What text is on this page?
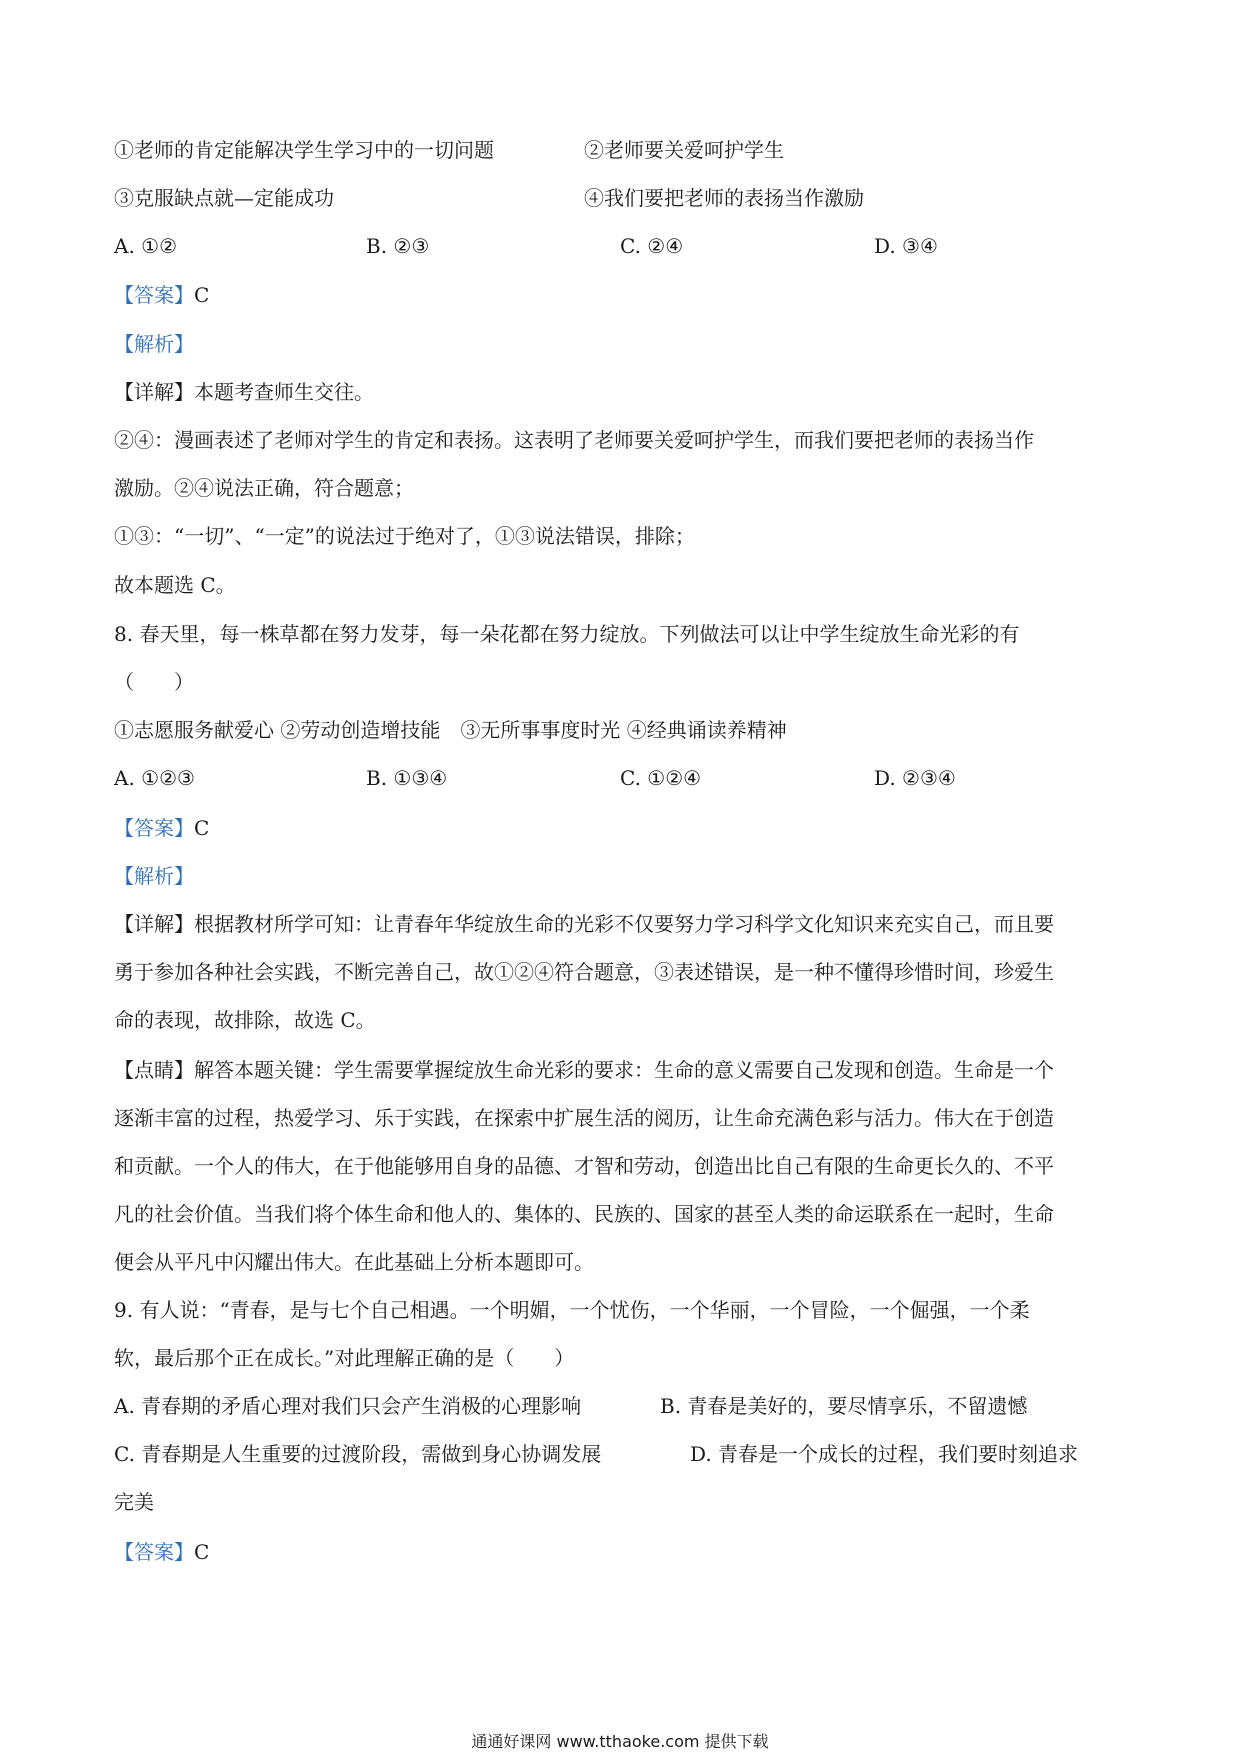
①老师的肯定能解决学生学习中的一切问题	②老师要关爱呵护学生
③克服缺点就—定能成功	④我们要把老师的表扬当作激励
A. ①②	B. ②③	C. ②④	D. ③④
【答案】C
【解析】
【详解】本题考查师生交往。
②④：漫画表述了老师对学生的肯定和表扬。这表明了老师要关爱呵护学生，而我们要把老师的表扬当作
激励。②④说法正确，符合题意；
①③：“一切”、“一定”的说法过于绝对了，①③说法错误，排除；
故本题选 C。
8. 春天里，每一株草都在努力发芽，每一朵花都在努力绽放。下列做法可以让中学生绽放生命光彩的有
（　　）
①志愿服务献爱心 ②劳动创造增技能　③无所事事度时光 ④经典诵读养精神
A. ①②③	B. ①③④	C. ①②④	D. ②③④
【答案】C
【解析】
【详解】根据教材所学可知：让青春年华绽放生命的光彩不仅要努力学习科学文化知识来充实自己，而且要
勇于参加各种社会实践，不断完善自己，故①②④符合题意，③表述错误，是一种不懂得珍惜时间，珍爱生
命的表现，故排除，故选 C。
【点睛】解答本题关键：学生需要掌握绽放生命光彩的要求：生命的意义需要自己发现和创造。生命是一个
逐渐丰富的过程，热爱学习、乐于实践，在探索中扩展生活的阅历，让生命充满色彩与活力。伟大在于创造
和贡献。一个人的伟大，在于他能够用自身的品德、才智和劳动，创造出比自己有限的生命更长久的、不平
凡的社会价值。当我们将个体生命和他人的、集体的、民族的、国家的甚至人类的命运联系在一起时，生命
便会从平凡中闪耀出伟大。在此基础上分析本题即可。
9. 有人说：“青春，是与七个自己相遇。一个明媚，一个忧伤，一个华丽，一个冒险，一个倔强，一个柔
软，最后那个正在成长。”对此理解正确的是（　　）
A. 青春期的矛盾心理对我们只会产生消极的心理影响	B. 青春是美好的，要尽情享乐，不留遗憾
C. 青春期是人生重要的过渡阶段，需做到身心协调发展	D. 青春是一个成长的过程，我们要时刻追求
完美
【答案】C
通通好课网 www.tthaoke.com 提供下载
